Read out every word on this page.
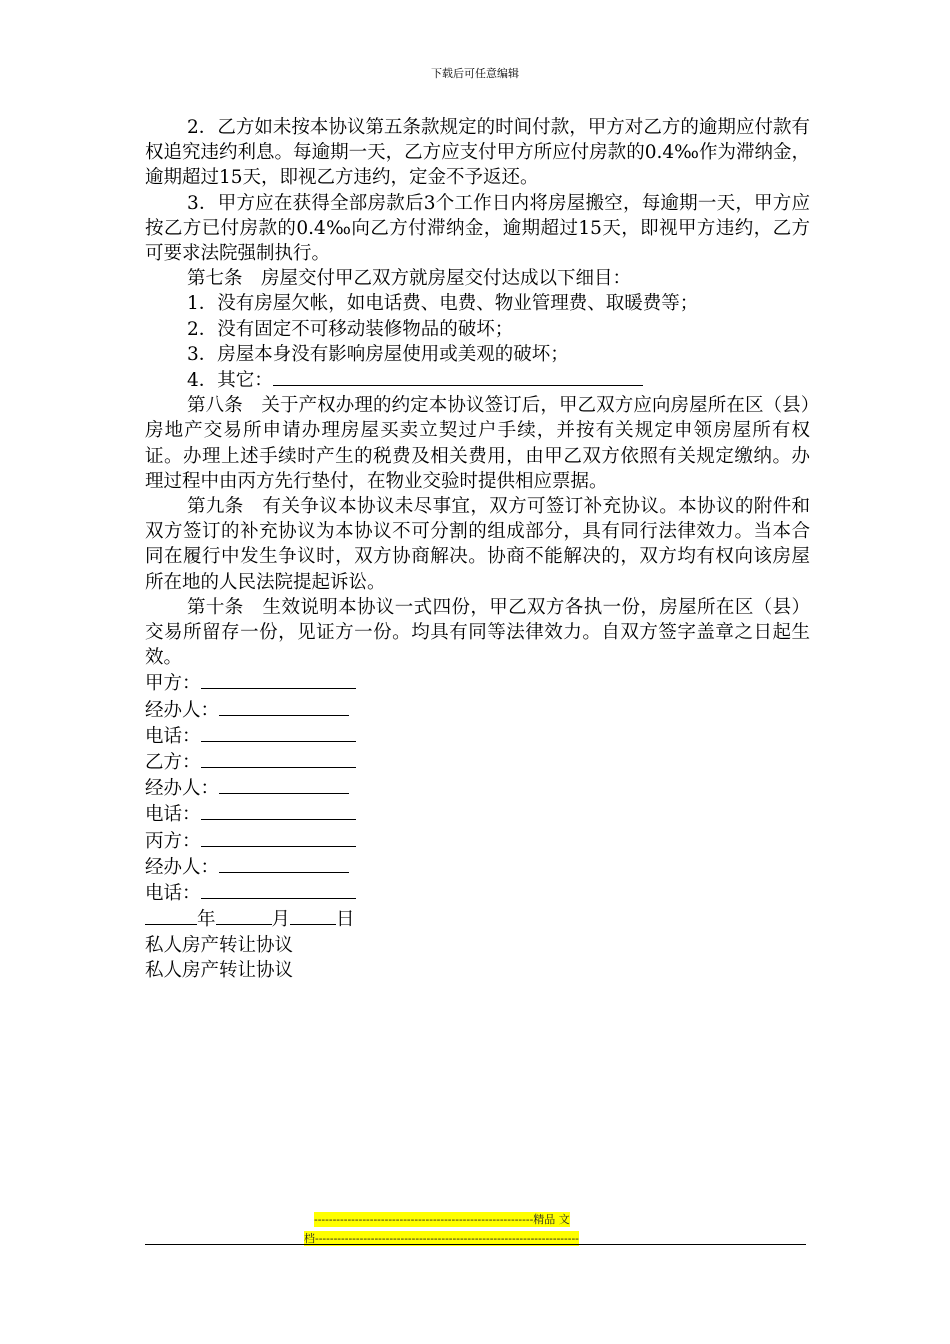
下载后可任意编辑

2．乙方如未按本协议第五条款规定的时间付款，甲方对乙方的逾期应付款有权追究违约利息。每逾期一天，乙方应支付甲方所应付房款的0.4‰作为滞纳金，逾期超过15天，即视乙方违约，定金不予返还。

3．甲方应在获得全部房款后3个工作日内将房屋搬空，每逾期一天，甲方应按乙方已付房款的0.4‰向乙方付滞纳金，逾期超过15天，即视甲方违约，乙方可要求法院强制执行。

第七条　房屋交付甲乙双方就房屋交付达成以下细目：

1．没有房屋欠帐，如电话费、电费、物业管理费、取暖费等；

2．没有固定不可移动装修物品的破坏；

3．房屋本身没有影响房屋使用或美观的破坏；

4．其它：

第八条　关于产权办理的约定本协议签订后，甲乙双方应向房屋所在区（县）房地产交易所申请办理房屋买卖立契过户手续，并按有关规定申领房屋所有权证。办理上述手续时产生的税费及相关费用，由甲乙双方依照有关规定缴纳。办理过程中由丙方先行垫付，在物业交验时提供相应票据。

第九条　有关争议本协议未尽事宜，双方可签订补充协议。本协议的附件和双方签订的补充协议为本协议不可分割的组成部分，具有同行法律效力。当本合同在履行中发生争议时，双方协商解决。协商不能解决的，双方均有权向该房屋所在地的人民法院提起诉讼。

第十条　生效说明本协议一式四份，甲乙双方各执一份，房屋所在区（县）交易所留存一份，见证方一份。均具有同等法律效力。自双方签字盖章之日起生效。

甲方：

经办人：

电话：

乙方：

经办人：

电话：

丙方：

经办人：

电话：

年	月 日

私人房产转让协议

私人房产转让协议

-----------------------------------------------------------精品 文
档-----------------------------------------------------------------------
